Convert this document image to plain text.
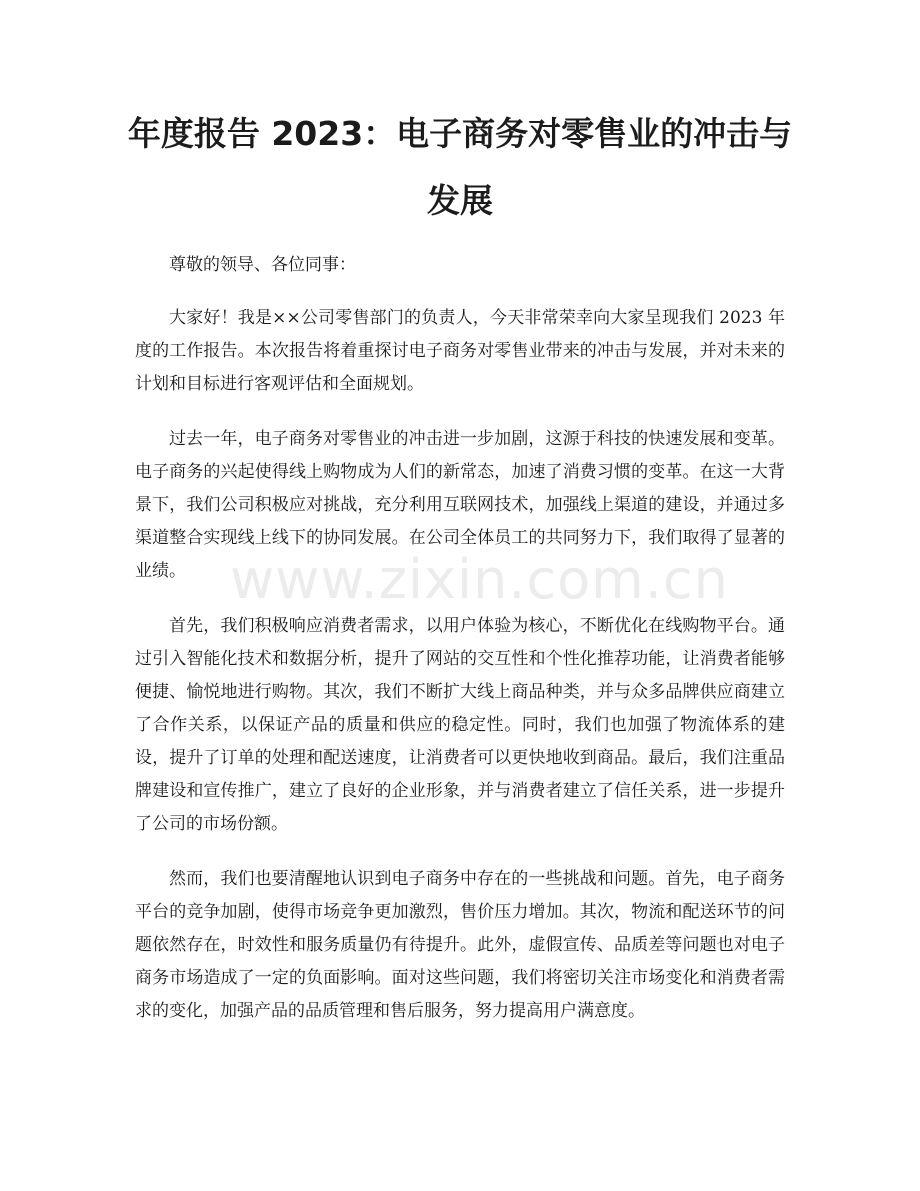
年度报告 2023：电子商务对零售业的冲击与发展

尊敬的领导、各位同事：

大家好！我是××公司零售部门的负责人，今天非常荣幸向大家呈现我们 2023 年度的工作报告。本次报告将着重探讨电子商务对零售业带来的冲击与发展，并对未来的计划和目标进行客观评估和全面规划。

过去一年，电子商务对零售业的冲击进一步加剧，这源于科技的快速发展和变革。电子商务的兴起使得线上购物成为人们的新常态，加速了消费习惯的变革。在这一大背景下，我们公司积极应对挑战，充分利用互联网技术，加强线上渠道的建设，并通过多渠道整合实现线上线下的协同发展。在公司全体员工的共同努力下，我们取得了显著的业绩。

首先，我们积极响应消费者需求，以用户体验为核心，不断优化在线购物平台。通过引入智能化技术和数据分析，提升了网站的交互性和个性化推荐功能，让消费者能够便捷、愉悦地进行购物。其次，我们不断扩大线上商品种类，并与众多品牌供应商建立了合作关系，以保证产品的质量和供应的稳定性。同时，我们也加强了物流体系的建设，提升了订单的处理和配送速度，让消费者可以更快地收到商品。最后，我们注重品牌建设和宣传推广，建立了良好的企业形象，并与消费者建立了信任关系，进一步提升了公司的市场份额。

然而，我们也要清醒地认识到电子商务中存在的一些挑战和问题。首先，电子商务平台的竞争加剧，使得市场竞争更加激烈，售价压力增加。其次，物流和配送环节的问题依然存在，时效性和服务质量仍有待提升。此外，虚假宣传、品质差等问题也对电子商务市场造成了一定的负面影响。面对这些问题，我们将密切关注市场变化和消费者需求的变化，加强产品的品质管理和售后服务，努力提高用户满意度。

www.zixin.com.cn
